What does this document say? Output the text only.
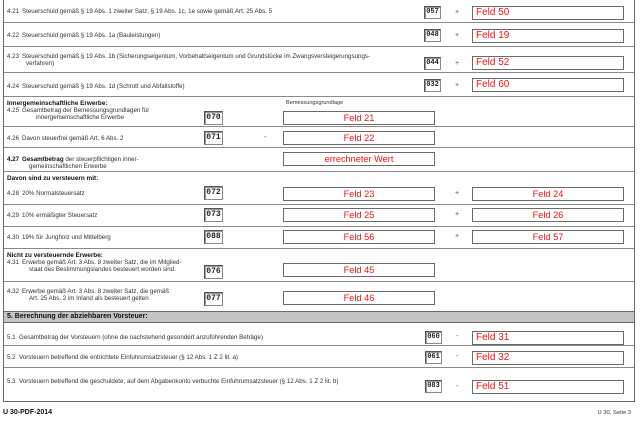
4.21 Steuerschuld gemäß § 19 Abs. 1 zweiter Satz, § 19 Abs. 1c, 1e sowie gemäß Art. 25 Abs. 5	057	+	Feld 50
4.22 Steuerschuld gemäß § 19 Abs. 1a (Bauleistungen)	048	+	Feld 19
4.23 Steuerschuld gemäß § 19 Abs. 1b (Sicherungseigentum, Vorbehaltseigentum und Grundstücke im Zwangsversteigerungsungs-
verfahren)	044	+	Feld 52
4.24 Steuerschuld gemäß § 19 Abs. 1d (Schrott und Abfallstoffe)	032	+	Feld 60
Innergemeinschaftliche Erwerbe:	Bemessungsgrundlage
4.25 Gesamtbetrag der Bemessungsgrundlagen für
innergemeinschaftliche Erwerbe	070	Feld 21
4.26 Davon steuerfrei gemäß Art. 6 Abs. 2	071	-	Feld 22
4.27 Gesamtbetrag der steuerpflichtigen inner-
gemeinschaftlichen Erwerbe
errechneter Wert
Davon sind zu versteuern mit:
4.28 20% Normalsteuersatz	072	Feld 23	+	Feld 24
4.29 10% ermäßigter Steuersatz	073	Feld 25	+	Feld 26
4.30 19% für Jungholz und Mittelberg	088	Feld 56	+	Feld 57
Nicht zu versteuernde Erwerbe:
4.31 Erwerbe gemäß Art. 3 Abs. 8 zweiter Satz, die im Mitglied-
staat des Bestimmungslandes besteuert worden sind.	076	Feld 45
4.32 Erwerbe gemäß Art. 3 Abs. 8 zweiter Satz, die gemäß
Art. 25 Abs. 2 im Inland als besteuert gelten	077	Feld 46
5. Berechnung der abziehbaren Vorsteuer:
5.1 Gesamtbetrag der Vorsteuern (ohne die nachstehend gesondert anzuführenden Beträge)	060	-	Feld 31
5.2 Vorsteuern betreffend die entrichtete Einfuhrumsatzsteuer (§ 12 Abs. 1 Z 2 lit. a)	061	-	Feld 32
5.3 Vorsteuern betreffend die geschuldete, auf dem Abgabenkonto verbuchte Einfuhrumsatzsteuer (§ 12 Abs. 1 Z 2 lit. b)
083	-	Feld 51
U 30-PDF-2014	U 30, Seite 3
